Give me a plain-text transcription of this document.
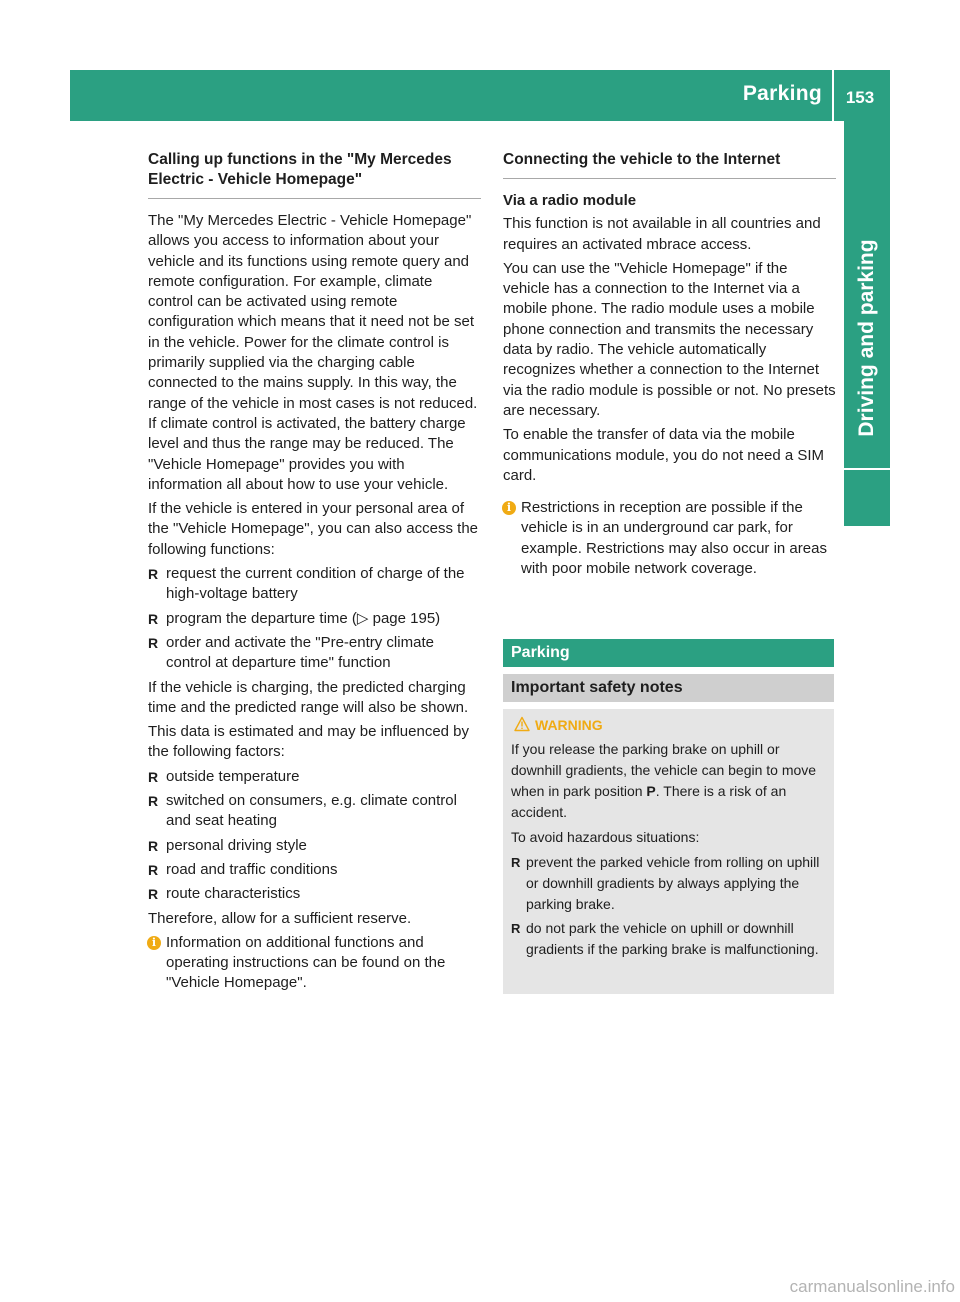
Parking	153
Driving and parking
Calling up functions in the "My Mercedes Electric - Vehicle Homepage"

The "My Mercedes Electric - Vehicle Homepage" allows you access to information about your vehicle and its functions using remote query and remote configuration. For example, climate control can be activated using remote configuration which means that it need not be set in the vehicle. Power for the climate control is primarily supplied via the charging cable connected to the mains supply. In this way, the range of the vehicle in most cases is not reduced. If climate control is activated, the battery charge level and thus the range may be reduced. The "Vehicle Homepage" provides you with information all about how to use your vehicle.

If the vehicle is entered in your personal area of the "Vehicle Homepage", you can also access the following functions:

R request the current condition of charge of the high-voltage battery
R program the departure time (▷ page 195)
R order and activate the "Pre-entry climate control at departure time" function

If the vehicle is charging, the predicted charging time and the predicted range will also be shown.

This data is estimated and may be influenced by the following factors:

R outside temperature
R switched on consumers, e.g. climate control and seat heating
R personal driving style
R road and traffic conditions
R route characteristics

Therefore, allow for a sufficient reserve.

i Information on additional functions and operating instructions can be found on the "Vehicle Homepage".
Connecting the vehicle to the Internet

Via a radio module

This function is not available in all countries and requires an activated mbrace access.

You can use the "Vehicle Homepage" if the vehicle has a connection to the Internet via a mobile phone. The radio module uses a mobile phone connection and transmits the necessary data by radio. The vehicle automatically recognizes whether a connection to the Internet via the radio module is possible or not. No presets are necessary.

To enable the transfer of data via the mobile communications module, you do not need a SIM card.

i Restrictions in reception are possible if the vehicle is in an underground car park, for example. Restrictions may also occur in areas with poor mobile network coverage.
Parking
Important safety notes
WARNING

If you release the parking brake on uphill or downhill gradients, the vehicle can begin to move when in park position P. There is a risk of an accident.

To avoid hazardous situations:

R prevent the parked vehicle from rolling on uphill or downhill gradients by always applying the parking brake.
R do not park the vehicle on uphill or downhill gradients if the parking brake is malfunctioning.
carmanualsonline.info
